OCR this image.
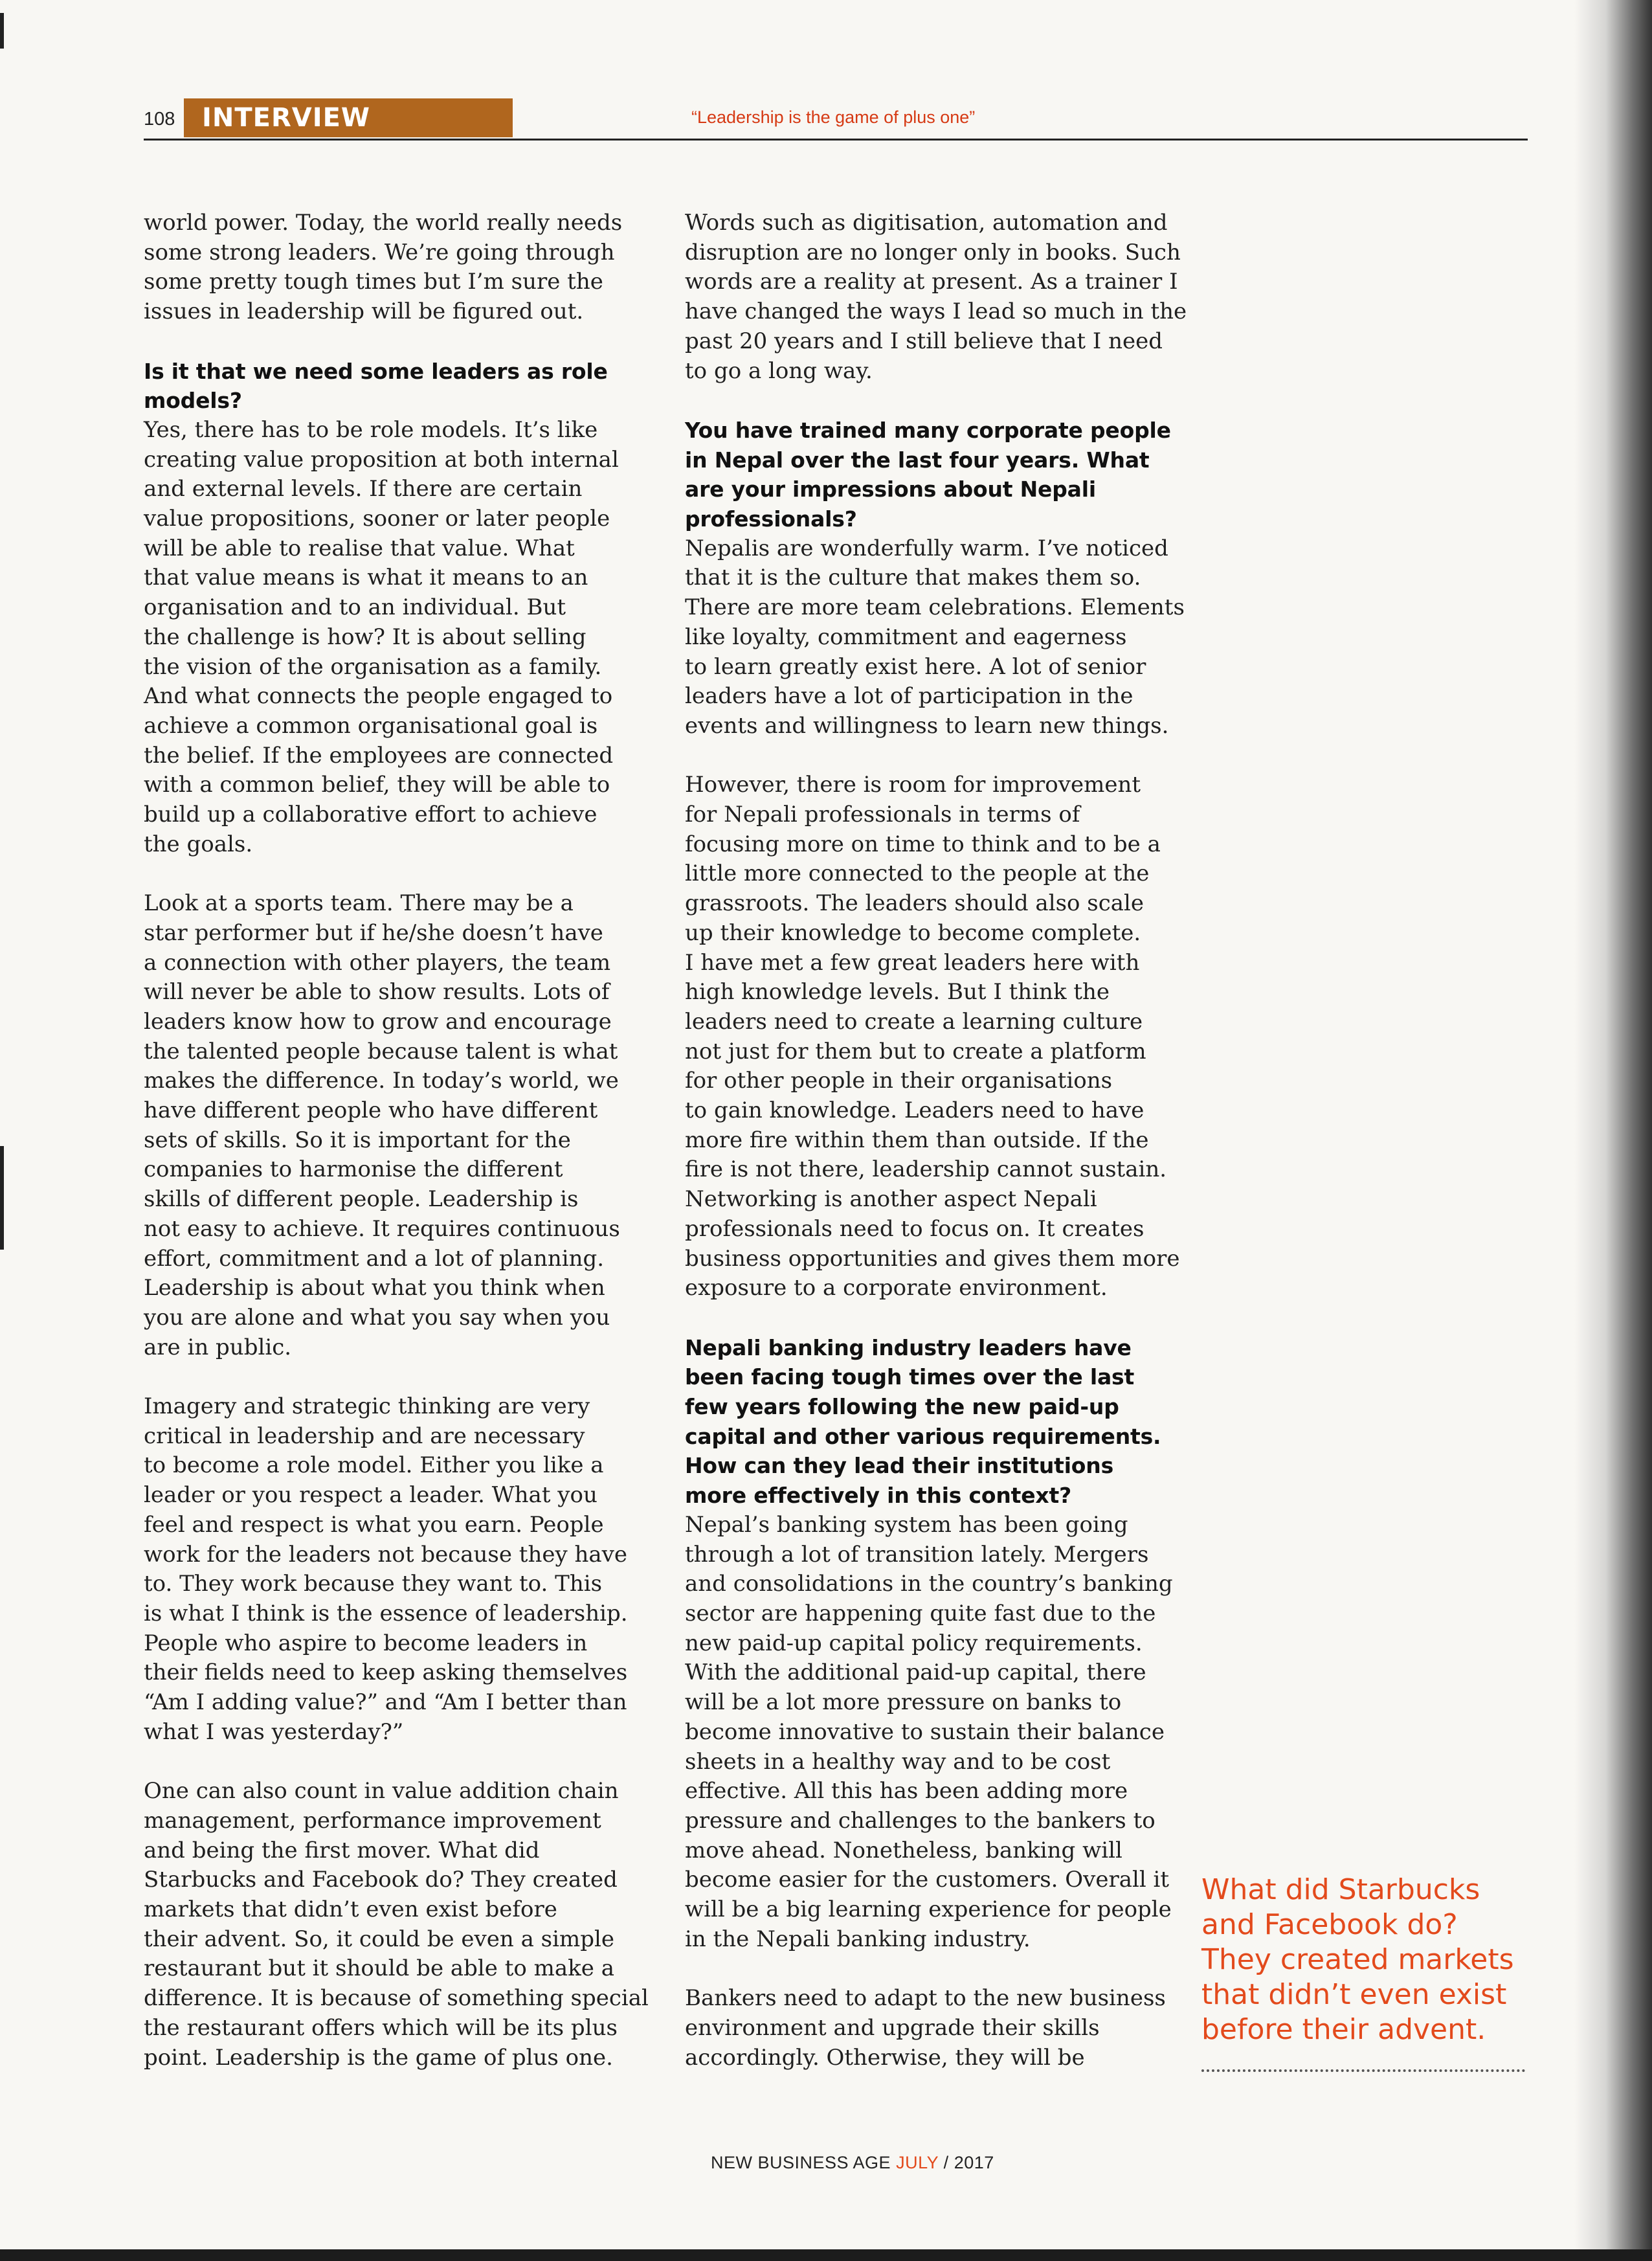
108	INTERVIEW	“Leadership is the game of plus one”
world power. Today, the world really needs
some strong leaders. We’re going through
some pretty tough times but I’m sure the
issues in leadership will be figured out.
Is it that we need some leaders as role
models?
Yes, there has to be role models. It’s like
creating value proposition at both internal
and external levels. If there are certain
value propositions, sooner or later people
will be able to realise that value. What
that value means is what it means to an
organisation and to an individual. But
the challenge is how? It is about selling
the vision of the organisation as a family.
And what connects the people engaged to
achieve a common organisational goal is
the belief. If the employees are connected
with a common belief, they will be able to
build up a collaborative effort to achieve
the goals.
Look at a sports team. There may be a
star performer but if he/she doesn’t have
a connection with other players, the team
will never be able to show results. Lots of
leaders know how to grow and encourage
the talented people because talent is what
makes the difference. In today’s world, we
have different people who have different
sets of skills. So it is important for the
companies to harmonise the different
skills of different people. Leadership is
not easy to achieve. It requires continuous
effort, commitment and a lot of planning.
Leadership is about what you think when
you are alone and what you say when you
are in public.
Imagery and strategic thinking are very
critical in leadership and are necessary
to become a role model. Either you like a
leader or you respect a leader. What you
feel and respect is what you earn. People
work for the leaders not because they have
to. They work because they want to. This
is what I think is the essence of leadership.
People who aspire to become leaders in
their fields need to keep asking themselves
“Am I adding value?” and “Am I better than
what I was yesterday?”
One can also count in value addition chain
management, performance improvement
and being the first mover. What did
Starbucks and Facebook do? They created
markets that didn’t even exist before
their advent. So, it could be even a simple
restaurant but it should be able to make a
difference. It is because of something special
the restaurant offers which will be its plus
point. Leadership is the game of plus one.
Words such as digitisation, automation and
disruption are no longer only in books. Such
words are a reality at present. As a trainer I
have changed the ways I lead so much in the
past 20 years and I still believe that I need
to go a long way.
You have trained many corporate people
in Nepal over the last four years. What
are your impressions about Nepali
professionals?
Nepalis are wonderfully warm. I’ve noticed
that it is the culture that makes them so.
There are more team celebrations. Elements
like loyalty, commitment and eagerness
to learn greatly exist here. A lot of senior
leaders have a lot of participation in the
events and willingness to learn new things.
However, there is room for improvement
for Nepali professionals in terms of
focusing more on time to think and to be a
little more connected to the people at the
grassroots. The leaders should also scale
up their knowledge to become complete.
I have met a few great leaders here with
high knowledge levels. But I think the
leaders need to create a learning culture
not just for them but to create a platform
for other people in their organisations
to gain knowledge. Leaders need to have
more fire within them than outside. If the
fire is not there, leadership cannot sustain.
Networking is another aspect Nepali
professionals need to focus on. It creates
business opportunities and gives them more
exposure to a corporate environment.
Nepali banking industry leaders have
been facing tough times over the last
few years following the new paid-up
capital and other various requirements.
How can they lead their institutions
more effectively in this context?
Nepal’s banking system has been going
through a lot of transition lately. Mergers
and consolidations in the country’s banking
sector are happening quite fast due to the
new paid-up capital policy requirements.
With the additional paid-up capital, there
will be a lot more pressure on banks to
become innovative to sustain their balance
sheets in a healthy way and to be cost
effective. All this has been adding more
pressure and challenges to the bankers to
move ahead. Nonetheless, banking will
become easier for the customers. Overall it
will be a big learning experience for people
in the Nepali banking industry.
Bankers need to adapt to the new business
environment and upgrade their skills
accordingly. Otherwise, they will be
What did Starbucks
and Facebook do?
They created markets
that didn’t even exist
before their advent.
NEW BUSINESS AGE JULY / 2017
